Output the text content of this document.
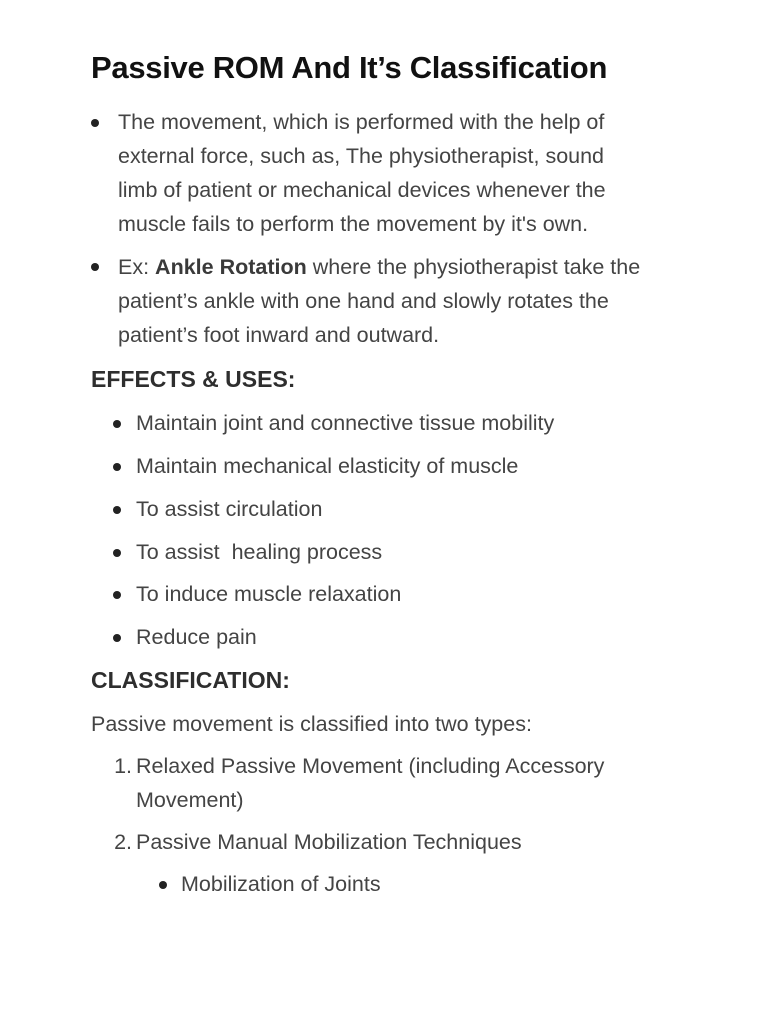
Passive ROM And It’s Classification
The movement, which is performed with the help of
external force, such as, The physiotherapist, sound
limb of patient or mechanical devices whenever the
muscle fails to perform the movement by it's own.
Ex: Ankle Rotation where the physiotherapist take the
patient’s ankle with one hand and slowly rotates the
patient’s foot inward and outward.
EFFECTS & USES:
Maintain joint and connective tissue mobility
Maintain mechanical elasticity of muscle
To assist circulation
To assist  healing process
To induce muscle relaxation
Reduce pain
CLASSIFICATION:
Passive movement is classified into two types:
1. Relaxed Passive Movement (including Accessory
Movement)
2. Passive Manual Mobilization Techniques
Mobilization of Joints
